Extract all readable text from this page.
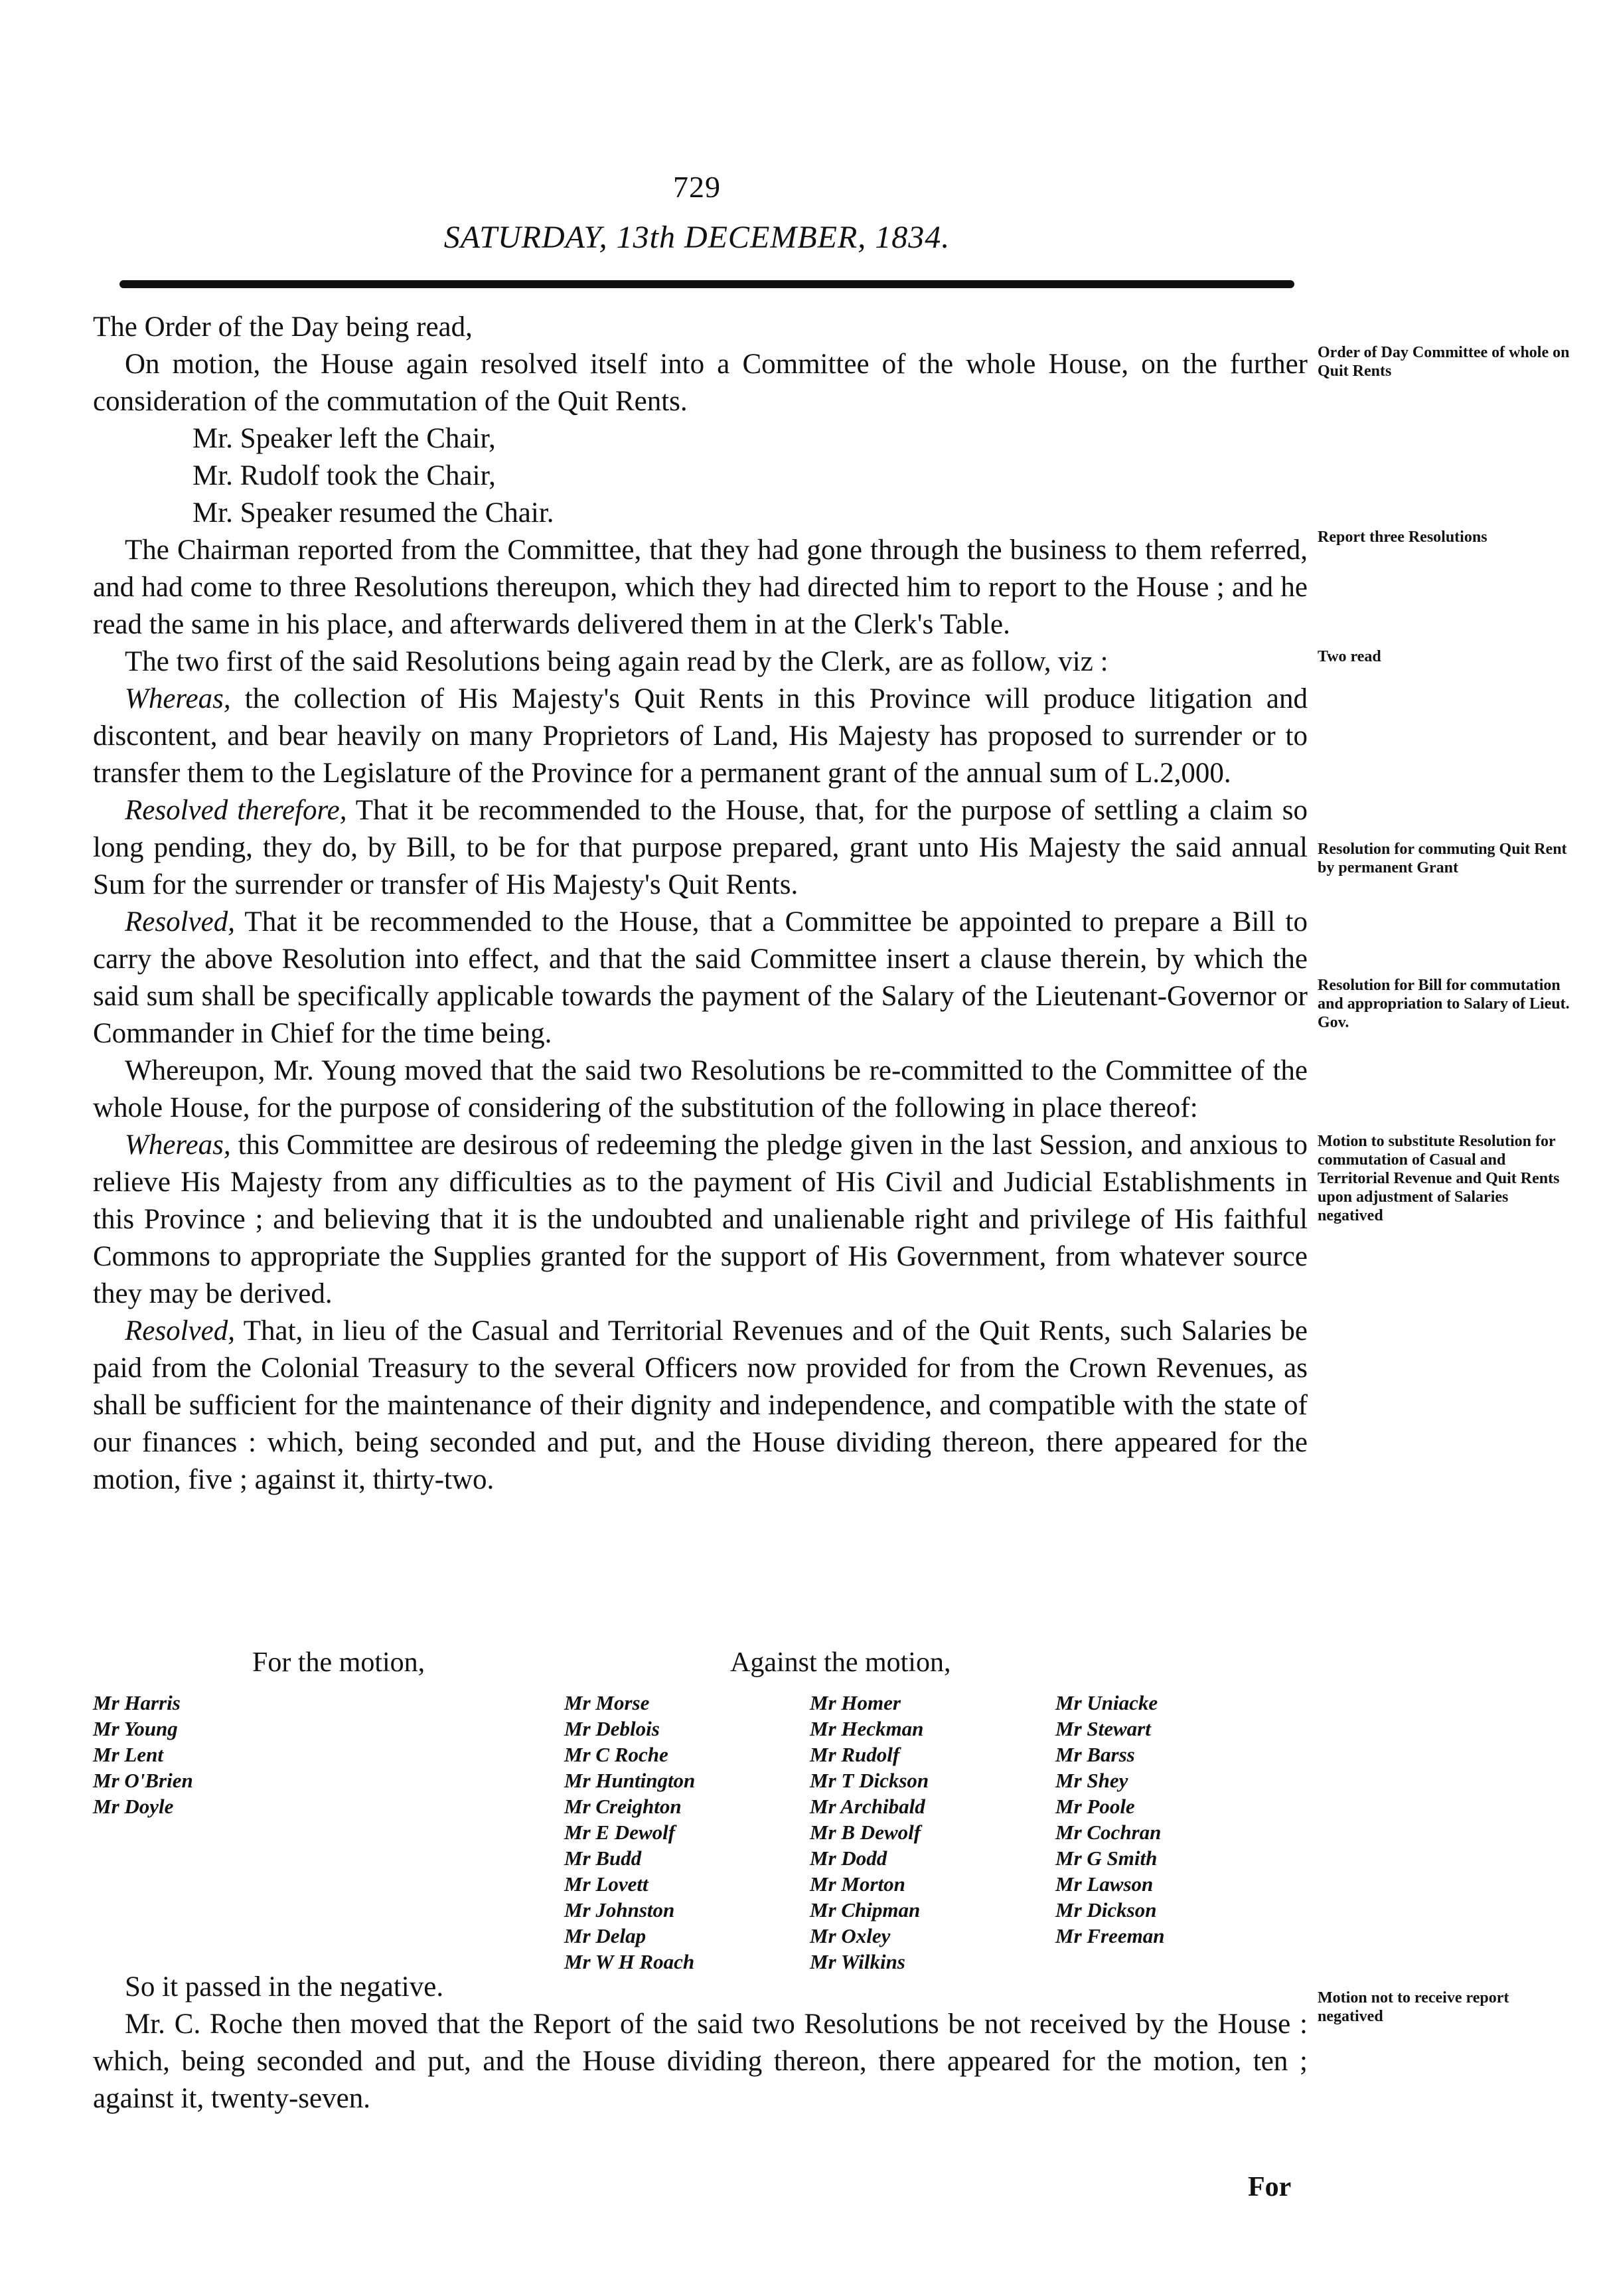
729
SATURDAY, 13th DECEMBER, 1834.

The Order of the Day being read,

On motion, the House again resolved itself into a Committee of the whole House, on the further consideration of the commutation of the Quit Rents.

Mr. Speaker left the Chair,

Mr. Rudolf took the Chair,

Mr. Speaker resumed the Chair.

The Chairman reported from the Committee, that they had gone through the business to them referred, and had come to three Resolutions thereupon, which they had directed him to report to the House ; and he read the same in his place, and afterwards delivered them in at the Clerk's Table.

The two first of the said Resolutions being again read by the Clerk, are as follow, viz :

Whereas, the collection of His Majesty's Quit Rents in this Province will produce litigation and discontent, and bear heavily on many Proprietors of Land, His Majesty has proposed to surrender or to transfer them to the Legislature of the Province for a permanent grant of the annual sum of L.2,000.

Resolved therefore, That it be recommended to the House, that, for the purpose of settling a claim so long pending, they do, by Bill, to be for that purpose prepared, grant unto His Majesty the said annual Sum for the surrender or transfer of His Majesty's Quit Rents.

Resolved, That it be recommended to the House, that a Committee be appointed to prepare a Bill to carry the above Resolution into effect, and that the said Committee insert a clause therein, by which the said sum shall be specifically applicable towards the payment of the Salary of the Lieutenant-Governor or Commander in Chief for the time being.

Whereupon, Mr. Young moved that the said two Resolutions be re-committed to the Committee of the whole House, for the purpose of considering of the substitution of the following in place thereof:

Whereas, this Committee are desirous of redeeming the pledge given in the last Session, and anxious to relieve His Majesty from any difficulties as to the payment of His Civil and Judicial Establishments in this Province ; and believing that it is the undoubted and unalienable right and privilege of His faithful Commons to appropriate the Supplies granted for the support of His Government, from whatever source they may be derived.

Resolved, That, in lieu of the Casual and Territorial Revenues and of the Quit Rents, such Salaries be paid from the Colonial Treasury to the several Officers now provided for from the Crown Revenues, as shall be sufficient for the maintenance of their dignity and independence, and compatible with the state of our finances : which, being seconded and put, and the House dividing thereon, there appeared for the motion, five ; against it, thirty-two.

Order of Day Committee of whole on Quit Rents
Report three Resolutions
Two read
Resolution for commuting Quit Rent by permanent Grant
Resolution for Bill for commutation and appropriation to Salary of Lieut. Gov.
Motion to substitute Resolution for commutation of Casual and Territorial Revenue and Quit Rents upon adjustment of Salaries negatived
Motion not to receive report negatived
For the motion,	Against the motion,
Mr Harris
Mr Young
Mr Lent
Mr O'Brien
Mr Doyle
Mr Morse
Mr Deblois
Mr C Roche
Mr Huntington
Mr Creighton
Mr E Dewolf
Mr Budd
Mr Lovett
Mr Johnston
Mr Delap
Mr W H Roach
Mr Homer
Mr Heckman
Mr Rudolf
Mr T Dickson
Mr Archibald
Mr B Dewolf
Mr Dodd
Mr Morton
Mr Chipman
Mr Oxley
Mr Wilkins
Mr Uniacke
Mr Stewart
Mr Barss
Mr Shey
Mr Poole
Mr Cochran
Mr G Smith
Mr Lawson
Mr Dickson
Mr Freeman

So it passed in the negative.

Mr. C. Roche then moved that the Report of the said two Resolutions be not received by the House : which, being seconded and put, and the House dividing thereon, there appeared for the motion, ten ; against it, twenty-seven.

For
